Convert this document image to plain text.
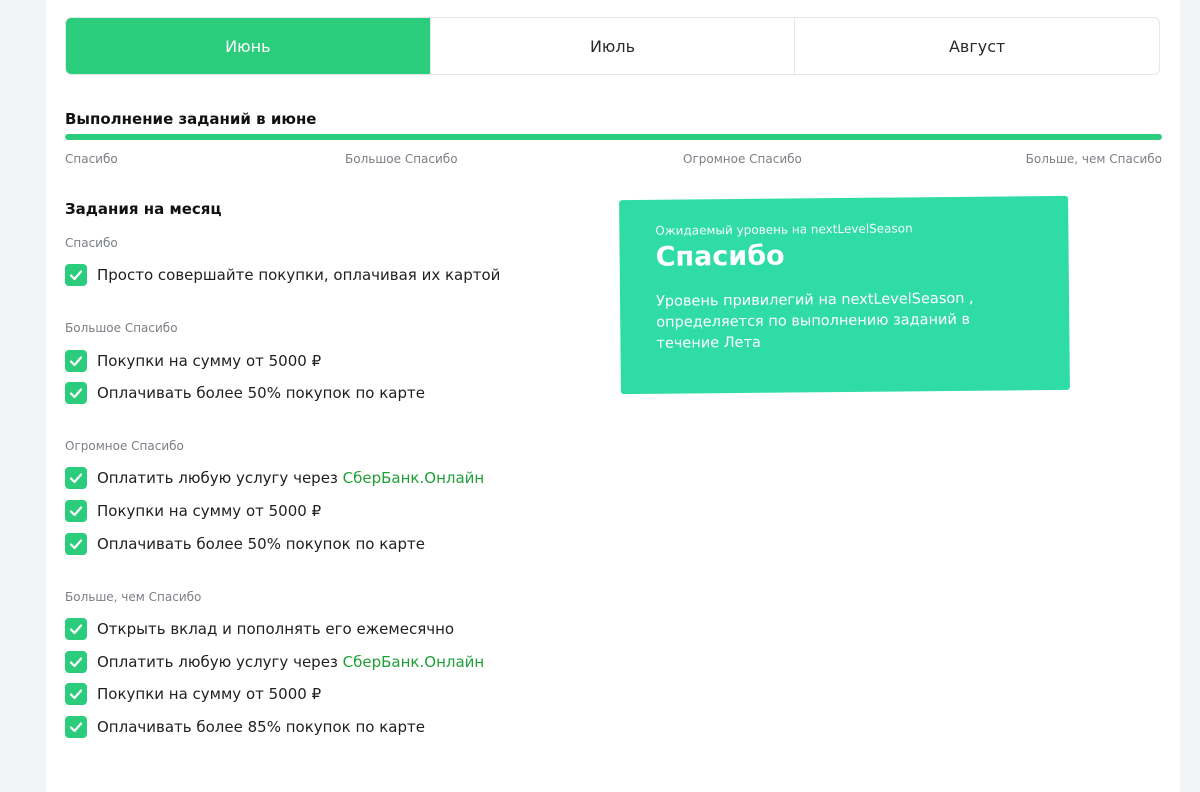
Июнь	Июль	Август
Выполнение заданий в июне
Спасибо	Большое Спасибо	Огромное Спасибо	Больше, чем Спасибо
Задания на месяц
Спасибо
Просто совершайте покупки, оплачивая их картой
Большое Спасибо
Покупки на сумму от 5000 ₽
Оплачивать более 50% покупок по карте
Огромное Спасибо
Оплатить любую услугу через СберБанк.Онлайн
Покупки на сумму от 5000 ₽
Оплачивать более 50% покупок по карте
Больше, чем Спасибо
Открыть вклад и пополнять его ежемесячно
Оплатить любую услугу через СберБанк.Онлайн
Покупки на сумму от 5000 ₽
Оплачивать более 85% покупок по карте
Ожидаемый уровень на nextLevelSeason
Спасибо
Уровень привилегий на nextLevelSeason , определяется по выполнению заданий в течение Лета
